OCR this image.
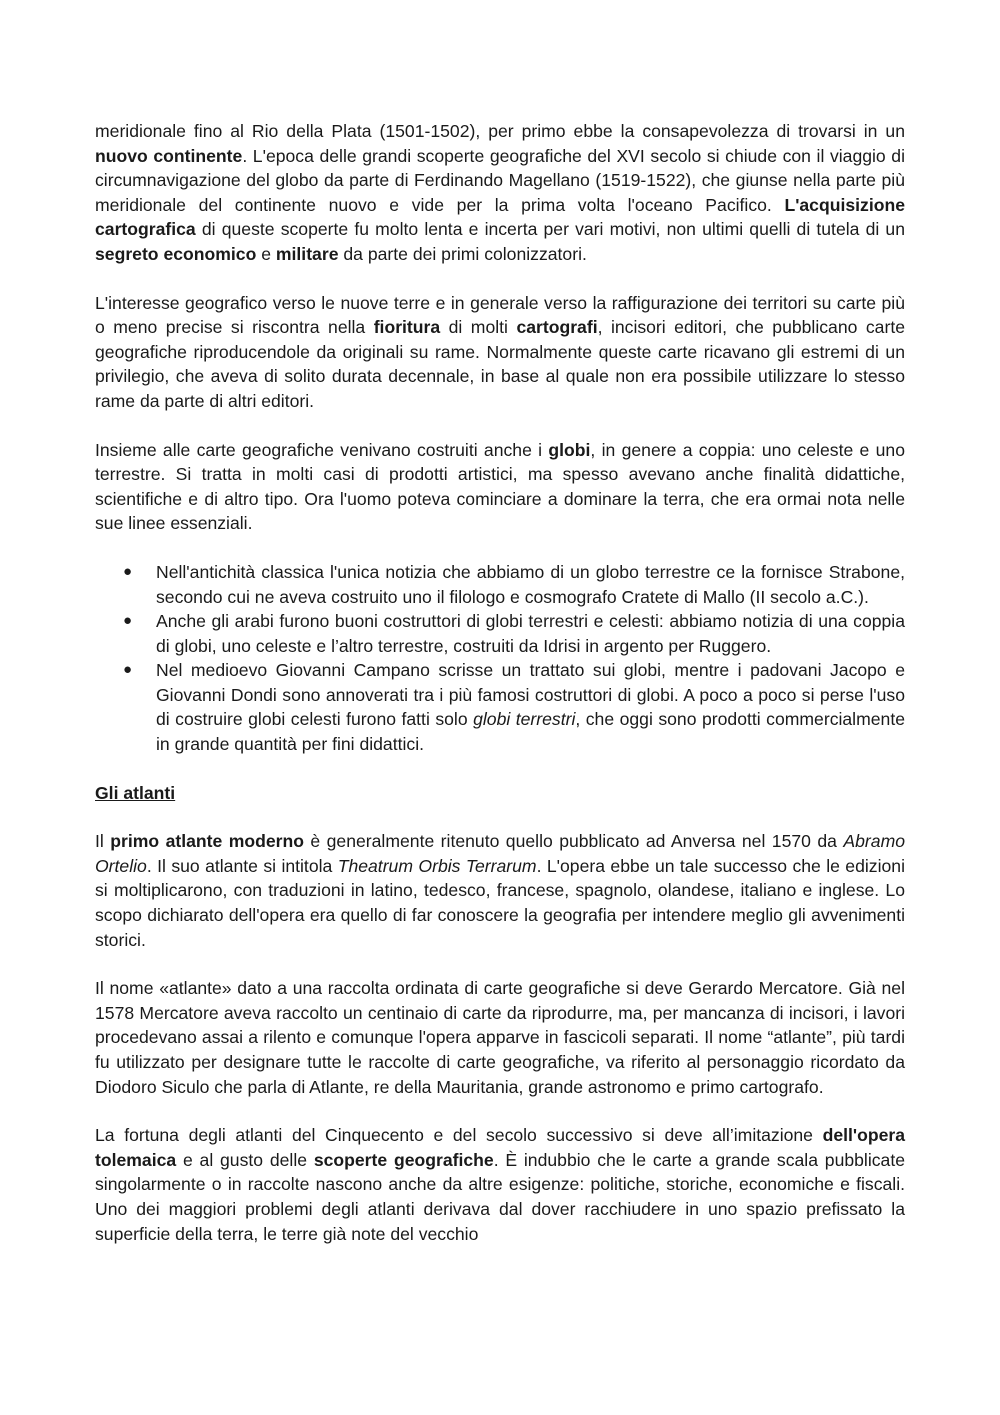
meridionale fino al Rio della Plata (1501-1502), per primo ebbe la consapevolezza di trovarsi in un nuovo continente. L'epoca delle grandi scoperte geografiche del XVI secolo si chiude con il viaggio di circumnavigazione del globo da parte di Ferdinando Magellano (1519-1522), che giunse nella parte più meridionale del continente nuovo e vide per la prima volta l'oceano Pacifico. L'acquisizione cartografica di queste scoperte fu molto lenta e incerta per vari motivi, non ultimi quelli di tutela di un segreto economico e militare da parte dei primi colonizzatori.

L'interesse geografico verso le nuove terre e in generale verso la raffigurazione dei territori su carte più o meno precise si riscontra nella fioritura di molti cartografi, incisori editori, che pubblicano carte geografiche riproducendole da originali su rame. Normalmente queste carte ricavano gli estremi di un privilegio, che aveva di solito durata decennale, in base al quale non era possibile utilizzare lo stesso rame da parte di altri editori.

Insieme alle carte geografiche venivano costruiti anche i globi, in genere a coppia: uno celeste e uno terrestre. Si tratta in molti casi di prodotti artistici, ma spesso avevano anche finalità didattiche, scientifiche e di altro tipo. Ora l'uomo poteva cominciare a dominare la terra, che era ormai nota nelle sue linee essenziali.

● Nell'antichità classica l'unica notizia che abbiamo di un globo terrestre ce la fornisce Strabone, secondo cui ne aveva costruito uno il filologo e cosmografo Cratete di Mallo (II secolo a.C.).
● Anche gli arabi furono buoni costruttori di globi terrestri e celesti: abbiamo notizia di una coppia di globi, uno celeste e l’altro terrestre, costruiti da Idrisi in argento per Ruggero.
● Nel medioevo Giovanni Campano scrisse un trattato sui globi, mentre i padovani Jacopo e Giovanni Dondi sono annoverati tra i più famosi costruttori di globi. A poco a poco si perse l'uso di costruire globi celesti furono fatti solo globi terrestri, che oggi sono prodotti commercialmente in grande quantità per fini didattici.
Gli atlanti

Il primo atlante moderno è generalmente ritenuto quello pubblicato ad Anversa nel 1570 da Abramo Ortelio. Il suo atlante si intitola Theatrum Orbis Terrarum. L'opera ebbe un tale successo che le edizioni si moltiplicarono, con traduzioni in latino, tedesco, francese, spagnolo, olandese, italiano e inglese. Lo scopo dichiarato dell'opera era quello di far conoscere la geografia per intendere meglio gli avvenimenti storici.

Il nome «atlante» dato a una raccolta ordinata di carte geografiche si deve Gerardo Mercatore. Già nel 1578 Mercatore aveva raccolto un centinaio di carte da riprodurre, ma, per mancanza di incisori, i lavori procedevano assai a rilento e comunque l'opera apparve in fascicoli separati. Il nome “atlante”, più tardi fu utilizzato per designare tutte le raccolte di carte geografiche, va riferito al personaggio ricordato da Diodoro Siculo che parla di Atlante, re della Mauritania, grande astronomo e primo cartografo.

La fortuna degli atlanti del Cinquecento e del secolo successivo si deve all’imitazione dell'opera tolemaica e al gusto delle scoperte geografiche. È indubbio che le carte a grande scala pubblicate singolarmente o in raccolte nascono anche da altre esigenze: politiche, storiche, economiche e fiscali. Uno dei maggiori problemi degli atlanti derivava dal dover racchiudere in uno spazio prefissato la superficie della terra, le terre già note del vecchio
